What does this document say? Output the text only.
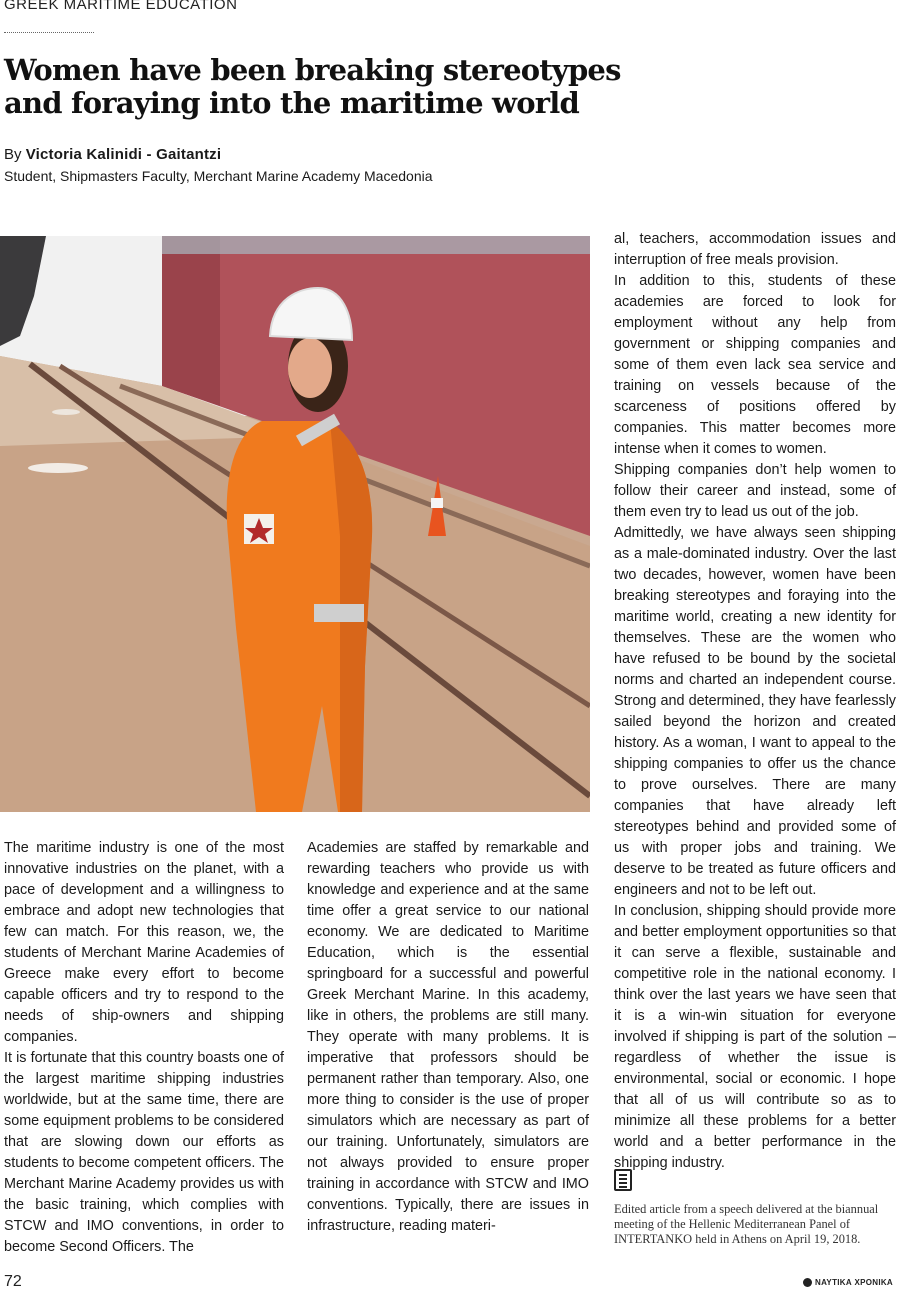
GREEK MARITIME EDUCATION
Women have been breaking stereotypes and foraying into the maritime world
By Victoria Kalinidi - Gaitantzi
Student, Shipmasters Faculty, Merchant Marine Academy Macedonia

The maritime industry is one of the most innovative industries on the planet, with a pace of development and a willingness to embrace and adopt new technologies that few can match. For this reason, we, the students of Merchant Marine Academies of Greece make every effort to become capable officers and try to respond to the needs of ship-owners and shipping companies.

It is fortunate that this country boasts one of the largest maritime shipping industries worldwide, but at the same time, there are some equipment problems to be considered that are slowing down our efforts as students to become competent officers. The Merchant Marine Academy provides us with the basic training, which complies with STCW and IMO conventions, in order to become Second Officers. The

Academies are staffed by remarkable and rewarding teachers who provide us with knowledge and experience and at the same time offer a great service to our national economy. We are dedicated to Maritime Education, which is the essential springboard for a successful and powerful Greek Merchant Marine. In this academy, like in others, the problems are still many. They operate with many problems. It is imperative that professors should be permanent rather than temporary. Also, one more thing to consider is the use of proper simulators which are necessary as part of our training. Unfortunately, simulators are not always provided to ensure proper training in accordance with STCW and IMO conventions. Typically, there are issues in infrastructure, reading materi-

al, teachers, accommodation issues and interruption of free meals provision.

In addition to this, students of these academies are forced to look for employment without any help from government or shipping companies and some of them even lack sea service and training on vessels because of the scarceness of positions offered by companies. This matter becomes more intense when it comes to women.

Shipping companies don’t help women to follow their career and instead, some of them even try to lead us out of the job.

Admittedly, we have always seen shipping as a male-dominated industry. Over the last two decades, however, women have been breaking stereotypes and foraying into the maritime world, creating a new identity for themselves. These are the women who have refused to be bound by the societal norms and charted an independent course. Strong and determined, they have fearlessly sailed beyond the horizon and created history. As a woman, I want to appeal to the shipping companies to offer us the chance to prove ourselves. There are many companies that have already left stereotypes behind and provided some of us with proper jobs and training. We deserve to be treated as future officers and engineers and not to be left out.

In conclusion, shipping should provide more and better employment opportunities so that it can serve a flexible, sustainable and competitive role in the national economy. I think over the last years we have seen that it is a win-win situation for everyone involved if shipping is part of the solution – regardless of whether the issue is environmental, social or economic. I hope that all of us will contribute so as to minimize all these problems for a better world and a better performance in the shipping industry.

Edited article from a speech delivered at the biannual meeting of the Hellenic Mediterranean Panel of INTERTANKO held in Athens on April 19, 2018.
72	ΝΑΥΤΙΚΑ ΧΡΟΝΙΚΑ
